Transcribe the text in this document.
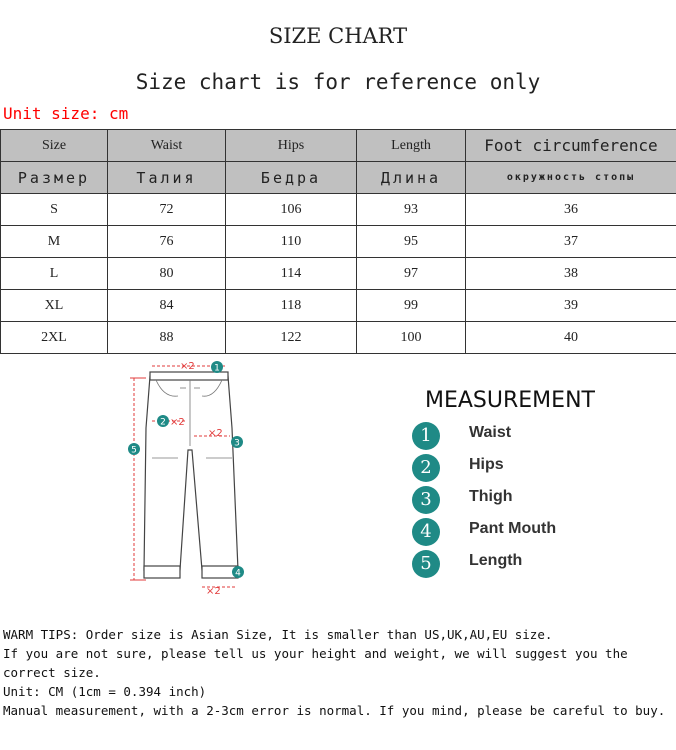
SIZE CHART
Size chart is for reference only
Unit size: cm
Size	Waist	Hips	Length	Foot circumference
Размер	Талия	Бедра	Длина	окружность стопы
S	72	106	93	36
M	76	110	95	37
L	80	114	97	38
XL	84	118	99	39
2XL	88	122	100	40
×2 1
2 ×2
×2
3
5
×2
4
MEASUREMENT
1	Waist
2	Hips
3	Thigh
4	Pant Mouth
5	Length
WARM TIPS: Order size is Asian Size, It is smaller than US,UK,AU,EU size.
If you are not sure, please tell us your height and weight, we will suggest you the correct size.
Unit: CM (1cm = 0.394 inch)
Manual measurement, with a 2-3cm error is normal. If you mind, please be careful to buy.
